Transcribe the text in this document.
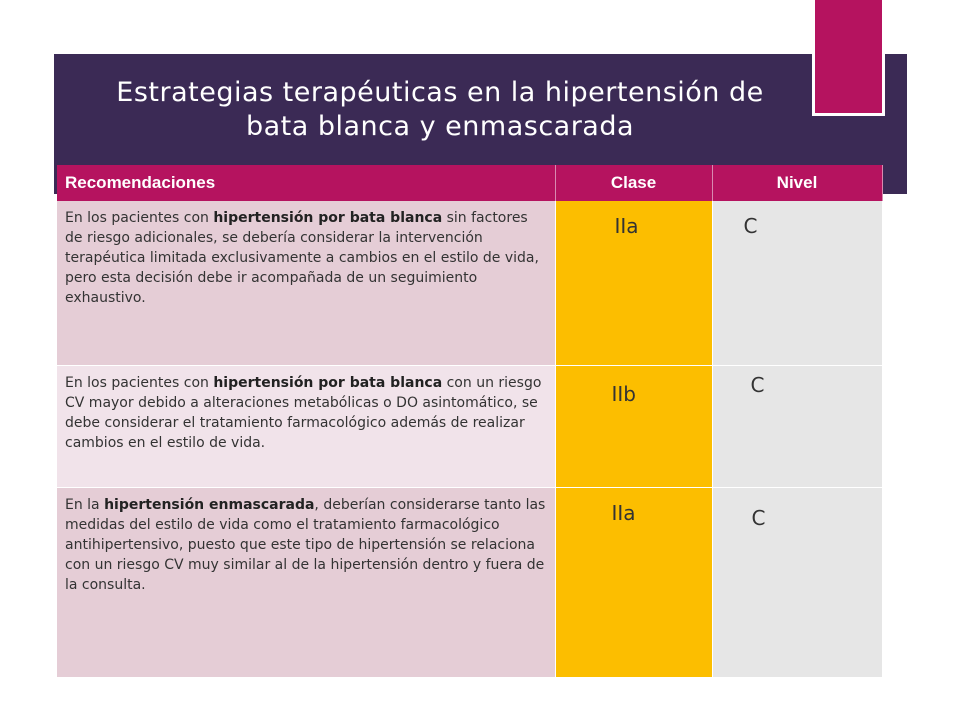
Estrategias terapéuticas en la hipertensión de
bata blanca y enmascarada
Recomendaciones	Clase	Nivel
En los pacientes con hipertensión por bata blanca sin factores de riesgo adicionales, se debería considerar la intervención terapéutica limitada exclusivamente a cambios en el estilo de vida, pero esta decisión debe ir acompañada de un seguimiento exhaustivo.	IIa	C

En los pacientes con hipertensión por bata blanca con un riesgo CV mayor debido a alteraciones metabólicas o DO asintomático, se debe considerar el tratamiento farmacológico además de realizar cambios en el estilo de vida.	IIb	C

En la hipertensión enmascarada, deberían considerarse tanto las medidas del estilo de vida como el tratamiento farmacológico antihipertensivo, puesto que este tipo de hipertensión se relaciona con un riesgo CV muy similar al de la hipertensión dentro y fuera de la consulta.	IIa	C
